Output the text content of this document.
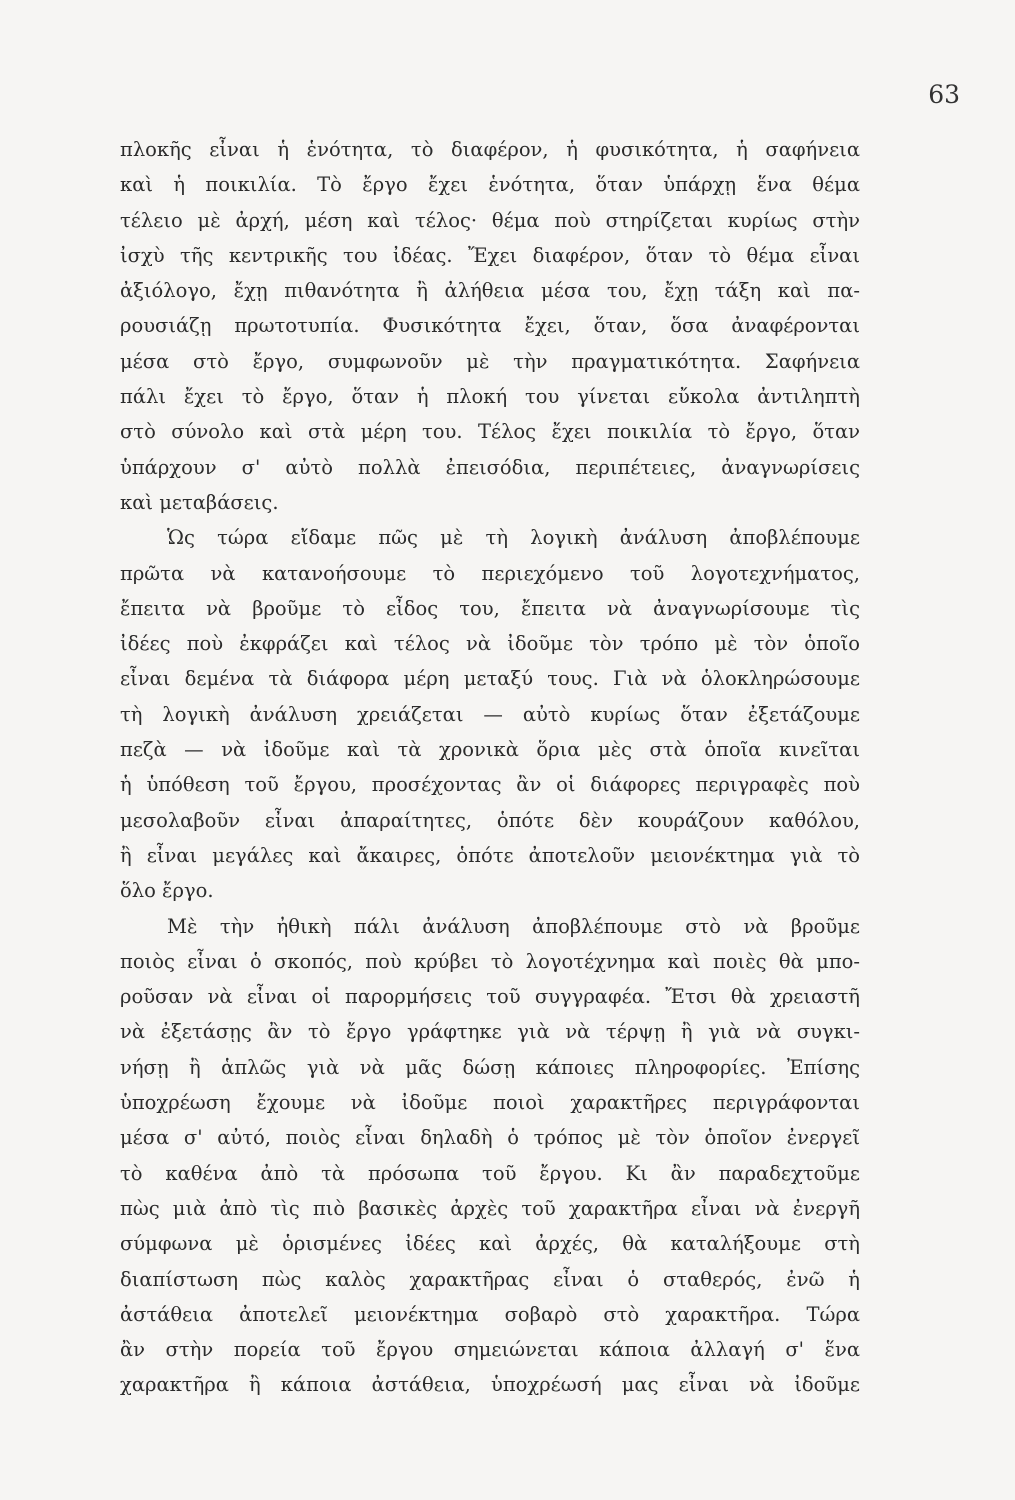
63
πλοκῆς εἶναι ἡ ἑνότητα, τὸ διαφέρον, ἡ φυσικότητα, ἡ σαφήνεια
καὶ ἡ ποικιλία. Τὸ ἔργο ἔχει ἑνότητα, ὅταν ὑπάρχῃ ἕνα θέμα
τέλειο μὲ ἀρχή, μέση καὶ τέλος· θέμα ποὺ στηρίζεται κυρίως στὴν
ἰσχὺ τῆς κεντρικῆς του ἰδέας. Ἔχει διαφέρον, ὅταν τὸ θέμα εἶναι
ἀξιόλογο, ἔχῃ πιθανότητα ἢ ἀλήθεια μέσα του, ἔχῃ τάξη καὶ πα-
ρουσιάζῃ πρωτοτυπία. Φυσικότητα ἔχει, ὅταν, ὅσα ἀναφέρονται
μέσα στὸ ἔργο, συμφωνοῦν μὲ τὴν πραγματικότητα. Σαφήνεια
πάλι ἔχει τὸ ἔργο, ὅταν ἡ πλοκή του γίνεται εὔκολα ἀντιληπτὴ
στὸ σύνολο καὶ στὰ μέρη του. Τέλος ἔχει ποικιλία τὸ ἔργο, ὅταν
ὑπάρχουν σ' αὐτὸ πολλὰ ἐπεισόδια, περιπέτειες, ἀναγνωρίσεις
καὶ μεταβάσεις.
Ὡς τώρα εἴδαμε πῶς μὲ τὴ λογικὴ ἀνάλυση ἀποβλέπουμε
πρῶτα νὰ κατανοήσουμε τὸ περιεχόμενο τοῦ λογοτεχνήματος,
ἔπειτα νὰ βροῦμε τὸ εἶδος του, ἔπειτα νὰ ἀναγνωρίσουμε τὶς
ἰδέες ποὺ ἐκφράζει καὶ τέλος νὰ ἰδοῦμε τὸν τρόπο μὲ τὸν ὁποῖο
εἶναι δεμένα τὰ διάφορα μέρη μεταξύ τους. Γιὰ νὰ ὁλοκληρώσουμε
τὴ λογικὴ ἀνάλυση χρειάζεται — αὐτὸ κυρίως ὅταν ἐξετάζουμε
πεζὰ — νὰ ἰδοῦμε καὶ τὰ χρονικὰ ὅρια μὲς στὰ ὁποῖα κινεῖται
ἡ ὑπόθεση τοῦ ἔργου, προσέχοντας ἂν οἱ διάφορες περιγραφὲς ποὺ
μεσολαβοῦν εἶναι ἀπαραίτητες, ὁπότε δὲν κουράζουν καθόλου,
ἢ εἶναι μεγάλες καὶ ἄκαιρες, ὁπότε ἀποτελοῦν μειονέκτημα γιὰ τὸ
ὅλο ἔργο.
Μὲ τὴν ἠθικὴ πάλι ἀνάλυση ἀποβλέπουμε στὸ νὰ βροῦμε
ποιὸς εἶναι ὁ σκοπός, ποὺ κρύβει τὸ λογοτέχνημα καὶ ποιὲς θὰ μπο-
ροῦσαν νὰ εἶναι οἱ παρορμήσεις τοῦ συγγραφέα. Ἔτσι θὰ χρειαστῆ
νὰ ἐξετάσῃς ἂν τὸ ἔργο γράφτηκε γιὰ νὰ τέρψῃ ἢ γιὰ νὰ συγκι-
νήσῃ ἢ ἁπλῶς γιὰ νὰ μᾶς δώσῃ κάποιες πληροφορίες. Ἐπίσης
ὑποχρέωση ἔχουμε νὰ ἰδοῦμε ποιοὶ χαρακτῆρες περιγράφονται
μέσα σ' αὐτό, ποιὸς εἶναι δηλαδὴ ὁ τρόπος μὲ τὸν ὁποῖον ἐνεργεῖ
τὸ καθένα ἀπὸ τὰ πρόσωπα τοῦ ἔργου. Κι ἂν παραδεχτοῦμε
πὼς μιὰ ἀπὸ τὶς πιὸ βασικὲς ἀρχὲς τοῦ χαρακτῆρα εἶναι νὰ ἐνεργῆ
σύμφωνα μὲ ὁρισμένες ἰδέες καὶ ἀρχές, θὰ καταλήξουμε στὴ
διαπίστωση πὼς καλὸς χαρακτῆρας εἶναι ὁ σταθερός, ἐνῶ ἡ
ἀστάθεια ἀποτελεῖ μειονέκτημα σοβαρὸ στὸ χαρακτῆρα. Τώρα
ἂν στὴν πορεία τοῦ ἔργου σημειώνεται κάποια ἀλλαγή σ' ἕνα
χαρακτῆρα ἢ κάποια ἀστάθεια, ὑποχρέωσή μας εἶναι νὰ ἰδοῦμε
